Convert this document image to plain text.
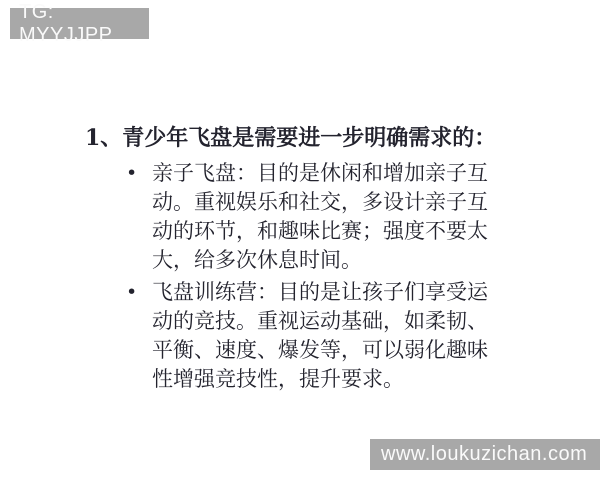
TG: MYYJJPP
1、青少年飞盘是需要进一步明确需求的：
• 亲子飞盘：目的是休闲和增加亲子互
动。重视娱乐和社交，多设计亲子互
动的环节，和趣味比赛；强度不要太
大，给多次休息时间。
• 飞盘训练营：目的是让孩子们享受运
动的竞技。重视运动基础，如柔韧、
平衡、速度、爆发等，可以弱化趣味
性增强竞技性，提升要求。
www.loukuzichan.com
